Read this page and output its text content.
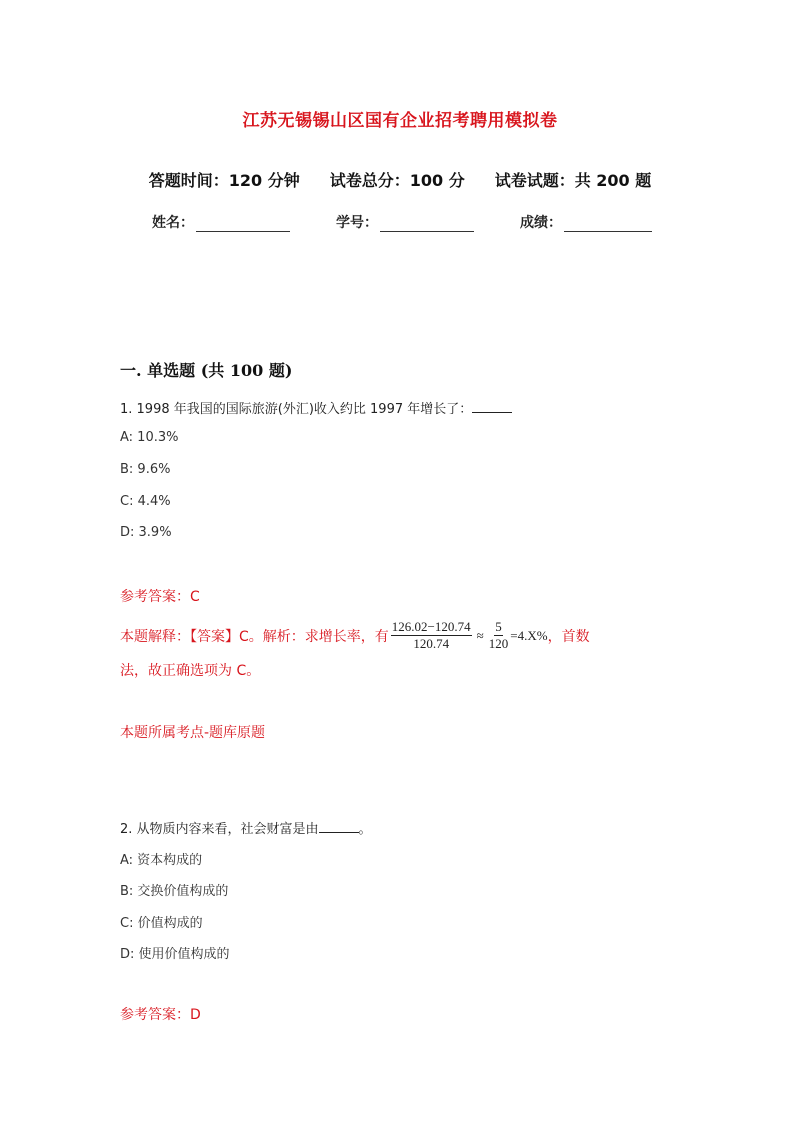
江苏无锡锡山区国有企业招考聘用模拟卷
答题时间：120 分钟 试卷总分：100 分 试卷试题：共 200 题
姓名：	学号：	成绩：
一. 单选题 (共 100 题)
1. 1998 年我国的国际旅游(外汇)收入约比 1997 年增长了：
A: 10.3%
B: 9.6%
C: 4.4%
D: 3.9%
参考答案：C
本题解释：【答案】C。解析：求增长率，有 $\frac{126.02-120.74}{120.74} \approx \frac{5}{120} =4.X\%$ ，首数
法，故正确选项为 C。
本题所属考点-题库原题
2. 从物质内容来看，社会财富是由	。
A: 资本构成的
B: 交换价值构成的
C: 价值构成的
D: 使用价值构成的
参考答案：D
